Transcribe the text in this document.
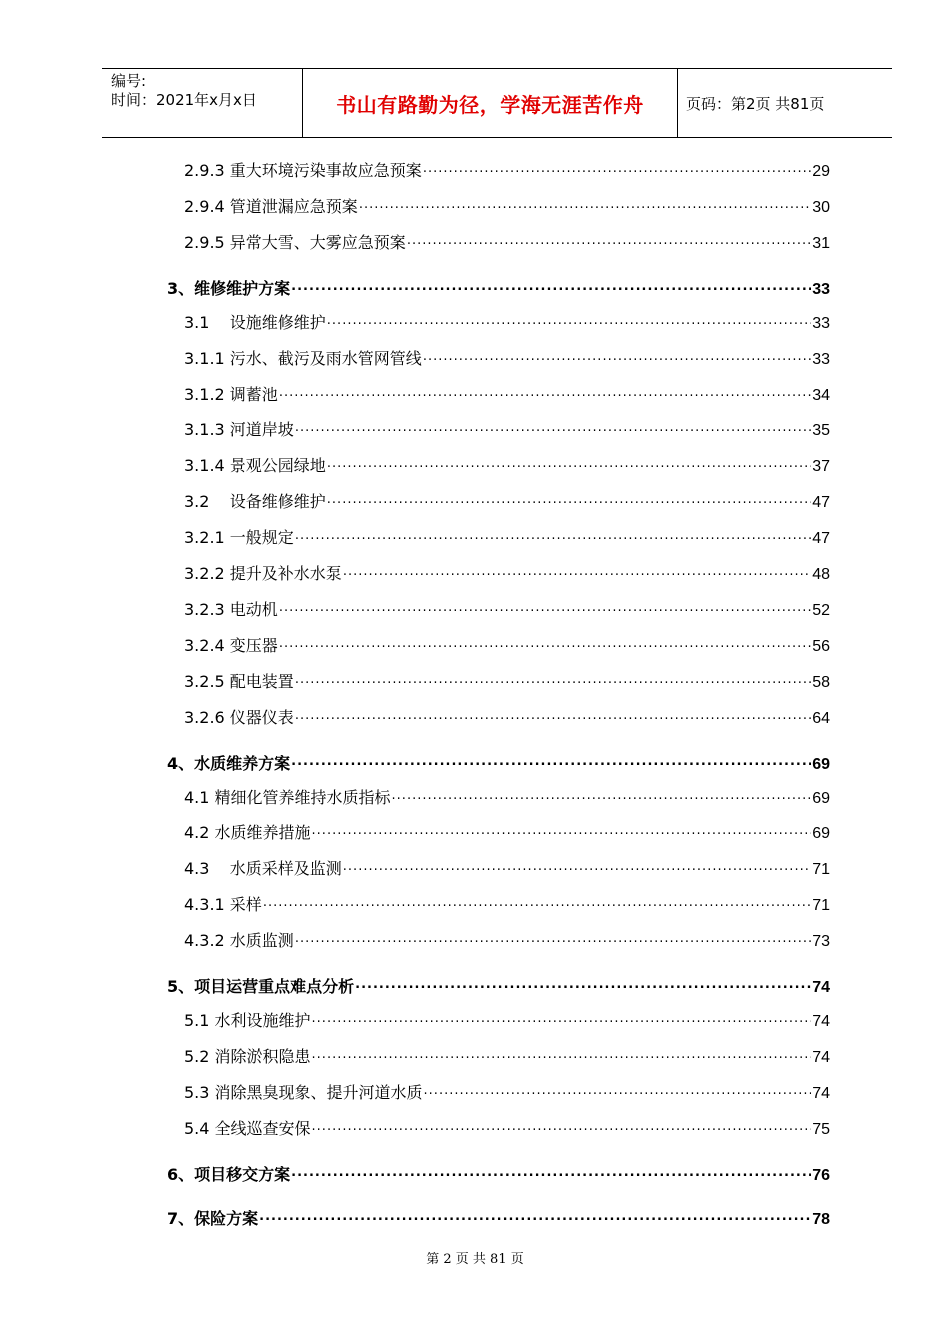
编号:
时间：2021年x月x日	书山有路勤为径，学海无涯苦作舟	页码：第2页 共81页
2.9.3 重大环境污染事故应急预案 .....	29
2.9.4 管道泄漏应急预案 .....	30
2.9.5 异常大雪、大雾应急预案 .....	31
3、维修维护方案 .....	33
3.1    设施维修维护 .....	33
3.1.1 污水、截污及雨水管网管线 .....	33
3.1.2 调蓄池 .....	34
3.1.3 河道岸坡 .....	35
3.1.4 景观公园绿地 .....	37
3.2    设备维修维护 .....	47
3.2.1 一般规定 .....	47
3.2.2 提升及补水水泵 .....	48
3.2.3 电动机 .....	52
3.2.4 变压器 .....	56
3.2.5 配电装置 .....	58
3.2.6 仪器仪表 .....	64
4、水质维养方案 .....	69
4.1 精细化管养维持水质指标 .....	69
4.2 水质维养措施 .....	69
4.3    水质采样及监测 .....	71
4.3.1 采样 .....	71
4.3.2 水质监测 .....	73
5、项目运营重点难点分析 .....	74
5.1 水利设施维护 .....	74
5.2 消除淤积隐患 .....	74
5.3 消除黑臭现象、提升河道水质 .....	74
5.4 全线巡查安保 .....	75
6、项目移交方案 .....	76
7、保险方案 .....	78
第 2 页 共 81 页
